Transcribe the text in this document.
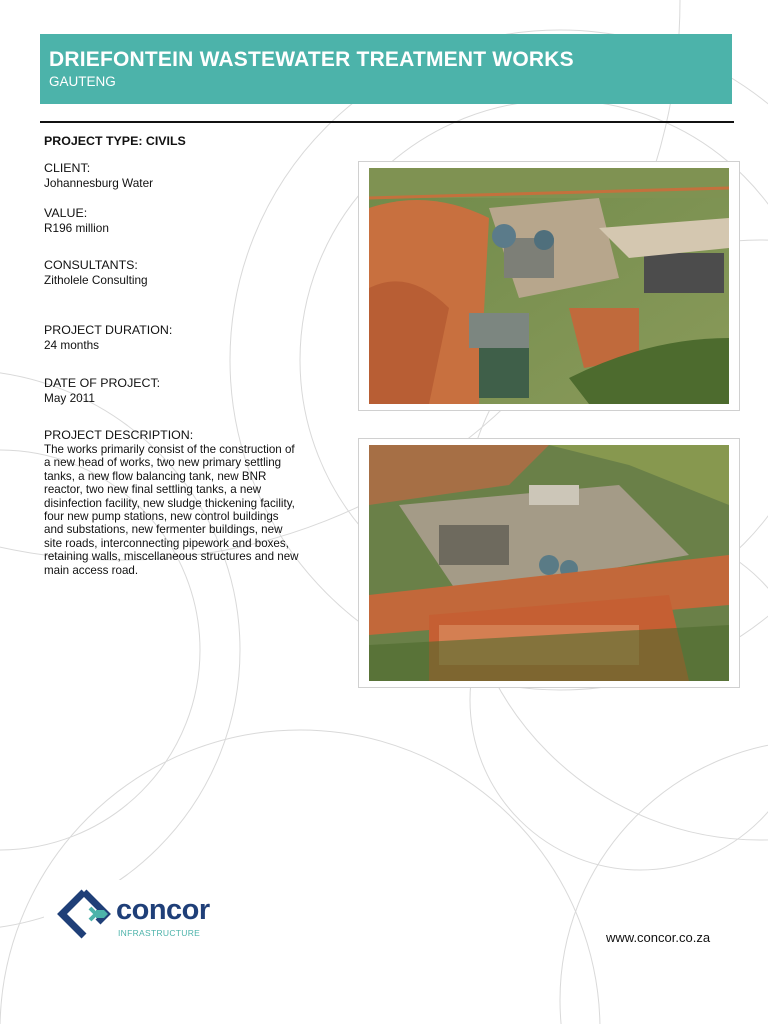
DRIEFONTEIN WASTEWATER TREATMENT WORKS
GAUTENG
PROJECT TYPE: CIVILS
CLIENT:
Johannesburg Water
VALUE:
R196 million
CONSULTANTS:
Zitholele Consulting
PROJECT DURATION:
24 months
DATE OF PROJECT:
May 2011
PROJECT DESCRIPTION:
The works primarily consist of the construction of
a new head of works, two new primary settling
tanks, a new flow balancing tank, new BNR
reactor, two new final settling tanks, a new
disinfection facility, new sludge thickening facility,
four new pump stations, new control buildings
and substations, new fermenter buildings, new
site roads, interconnecting pipework and boxes,
retaining walls, miscellaneous structures and new
main access road.
concor
INFRASTRUCTURE	www.concor.co.za
